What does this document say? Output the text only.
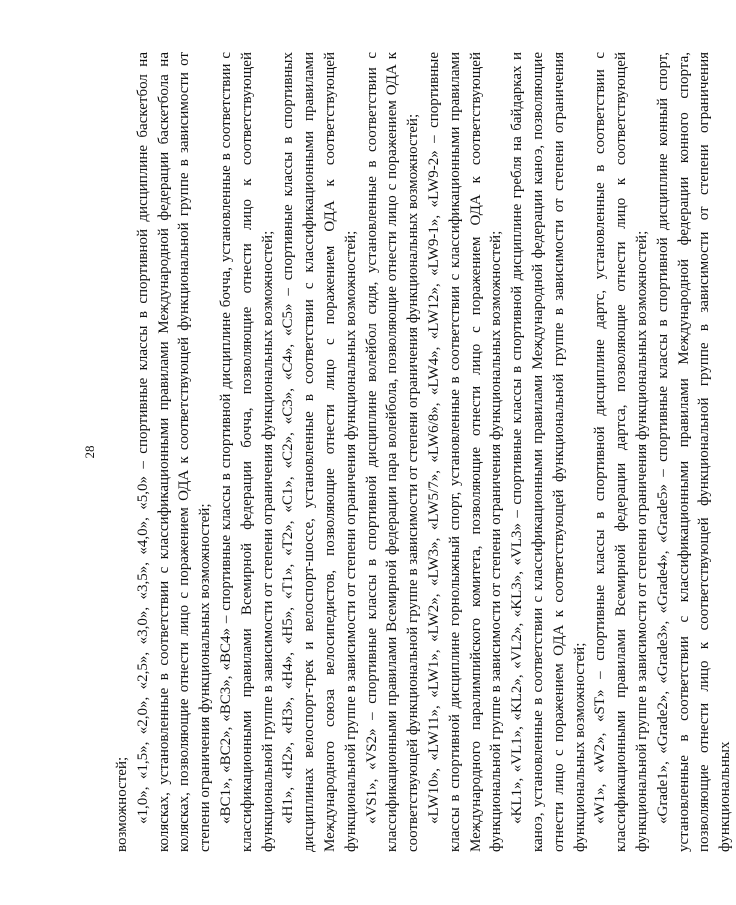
28

возможностей; «1,0», «1,5», «2,0», «2,5», «3,0», «3,5», «4,0», «5,0» – спортивные классы в спортивной дисциплине баскетбол на колясках, установленные в соответствии с классификационными правилами Международной федерации баскетбола на колясках, позволяющие отнести лицо с поражением ОДА к соответствующей функциональной группе в зависимости от степени ограничения функциональных возможностей; «BC1», «BC2», «BC3», «BC4» – спортивные классы в спортивной дисциплине бочча, установленные в соответствии с классификационными правилами Всемирной федерации бочча, позволяющие отнести лицо к соответствующей функциональной группе в зависимости от степени ограничения функциональных возможностей; «H1», «H2», «H3», «H4», «H5», «T1», «T2», «C1», «C2», «C3», «C4», «C5» – спортивные классы в спортивных дисциплинах велоспорт-трек и велоспорт-шоссе, установленные в соответствии с классификационными правилами Международного союза велосипедистов, позволяющие отнести лицо с поражением ОДА к соответствующей функциональной группе в зависимости от степени ограничения функциональных возможностей; «VS1», «VS2» – спортивные классы в спортивной дисциплине волейбол сидя, установленные в соответствии с классификационными правилами Всемирной федерации пара волейбола, позволяющие отнести лицо с поражением ОДА к соответствующей функциональной группе в зависимости от степени ограничения функциональных возможностей; «LW10», «LW11», «LW1», «LW2», «LW3», «LW5/7», «LW6/8», «LW4», «LW12», «LW9-1», «LW9-2» – спортивные классы в спортивной дисциплине горнолыжный спорт, установленные в соответствии с классификационными правилами Международного паралимпийского комитета, позволяющие отнести лицо с поражением ОДА к соответствующей функциональной группе в зависимости от степени ограничения функциональных возможностей; «KL1», «VL1», «KL2», «VL2», «KL3», «VL3» – спортивные классы в спортивной дисциплине гребля на байдарках и каноэ, установленные в соответствии с классификационными правилами Международной федерации каноэ, позволяющие отнести лицо с поражением ОДА к соответствующей функциональной группе в зависимости от степени ограничения функциональных возможностей; «W1», «W2», «ST» – спортивные классы в спортивной дисциплине дартс, установленные в соответствии с классификационными правилами Всемирной федерации дартса, позволяющие отнести лицо к соответствующей функциональной группе в зависимости от степени ограничения функциональных возможностей; «Grade1», «Grade2», «Grade3», «Grade4», «Grade5» – спортивные классы в спортивной дисциплине конный спорт, установленные в соответствии с классификационными правилами Международной федерации конного спорта, позволяющие отнести лицо к соответствующей функциональной группе в зависимости от степени ограничения функциональных
